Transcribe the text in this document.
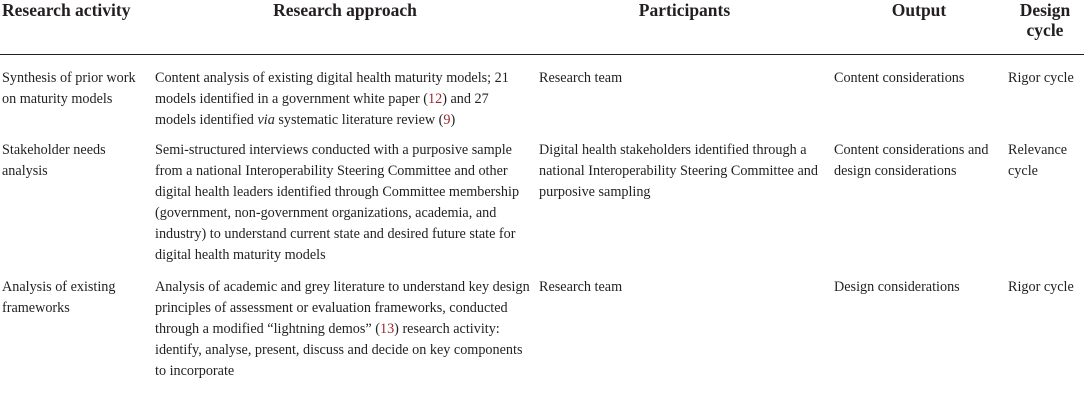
Research activity	Research approach	Participants	Output	Design cycle
Synthesis of prior work on maturity models	Content analysis of existing digital health maturity models; 21 models identified in a government white paper (12) and 27 models identified via systematic literature review (9)	Research team	Content considerations	Rigor cycle
Stakeholder needs analysis	Semi-structured interviews conducted with a purposive sample from a national Interoperability Steering Committee and other digital health leaders identified through Committee membership (government, non-government organizations, academia, and industry) to understand current state and desired future state for digital health maturity models	Digital health stakeholders identified through a national Interoperability Steering Committee and purposive sampling	Content considerations and design considerations	Relevance cycle
Analysis of existing frameworks	Analysis of academic and grey literature to understand key design principles of assessment or evaluation frameworks, conducted through a modified “lightning demos” (13) research activity: identify, analyse, present, discuss and decide on key components to incorporate	Research team	Design considerations	Rigor cycle
